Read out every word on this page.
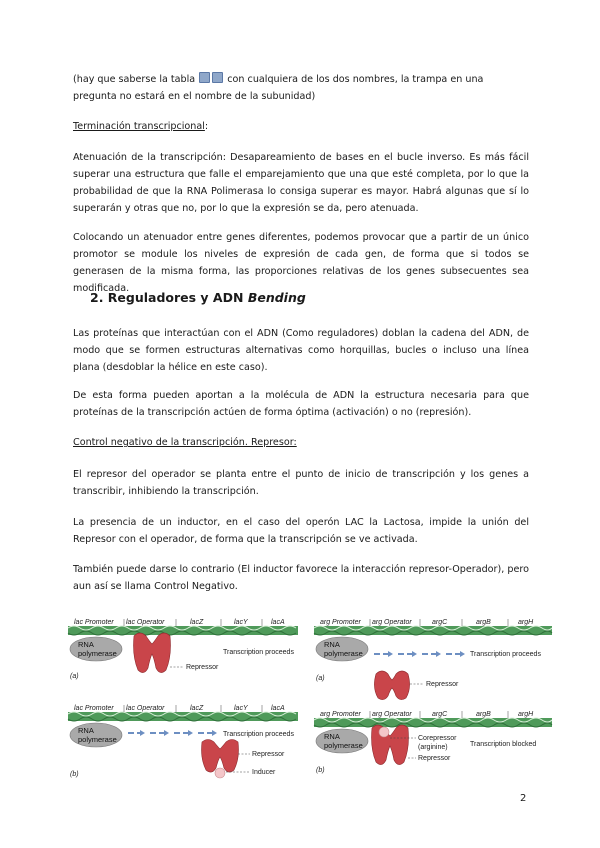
(hay que saberse la tabla	con cualquiera de los dos nombres, la trampa en una pregunta no estará en el nombre de la subunidad)

Terminación transcripcional:

Atenuación de la transcripción: Desapareamiento de bases en el bucle inverso. Es más fácil superar una estructura que falle el emparejamiento que una que esté completa, por lo que la probabilidad de que la RNA Polimerasa lo consiga superar es mayor. Habrá algunas que sí lo superarán y otras que no, por lo que la expresión se da, pero atenuada.

Colocando un atenuador entre genes diferentes, podemos provocar que a partir de un único promotor se module los niveles de expresión de cada gen, de forma que si todos se generasen de la misma forma, las proporciones relativas de los genes subsecuentes sea modificada.

2. Reguladores y ADN Bending

Las proteínas que interactúan con el ADN (Como reguladores) doblan la cadena del ADN, de modo que se formen estructuras alternativas como horquillas, bucles o incluso una línea plana (desdoblar la hélice en este caso).

De esta forma pueden aportan a la molécula de ADN la estructura necesaria para que proteínas de la transcripción actúen de forma óptima (activación) o no (represión).

Control negativo de la transcripción. Represor:

El represor del operador se planta entre el punto de inicio de transcripción y los genes a transcribir, inhibiendo la transcripción.

La presencia de un inductor, en el caso del operón LAC la Lactosa, impide la unión del Represor con el operador, de forma que la transcripción se ve activada.

También puede darse lo contrario (El inductor favorece la interacción represor-Operador), pero aun así se llama Control Negativo.

lac Promoter lac Operator	lacZ	lacY	lacA
RNA
polymerase
Repressor
Transcription proceeds
(a)
lac Promoter lac Operator	lacZ	lacY	lacA
RNA
polymerase
Repressor
Inducer
Transcription proceeds
(b)
arg Promoter arg Operator	argC	argB	argH
RNA
polymerase	Transcription proceeds
Repressor
(a)
arg Promoter arg Operator	argC	argB	argH
RNA
polymerase
Corepressor
(arginine)
Repressor
Transcription blocked
(b)
2
